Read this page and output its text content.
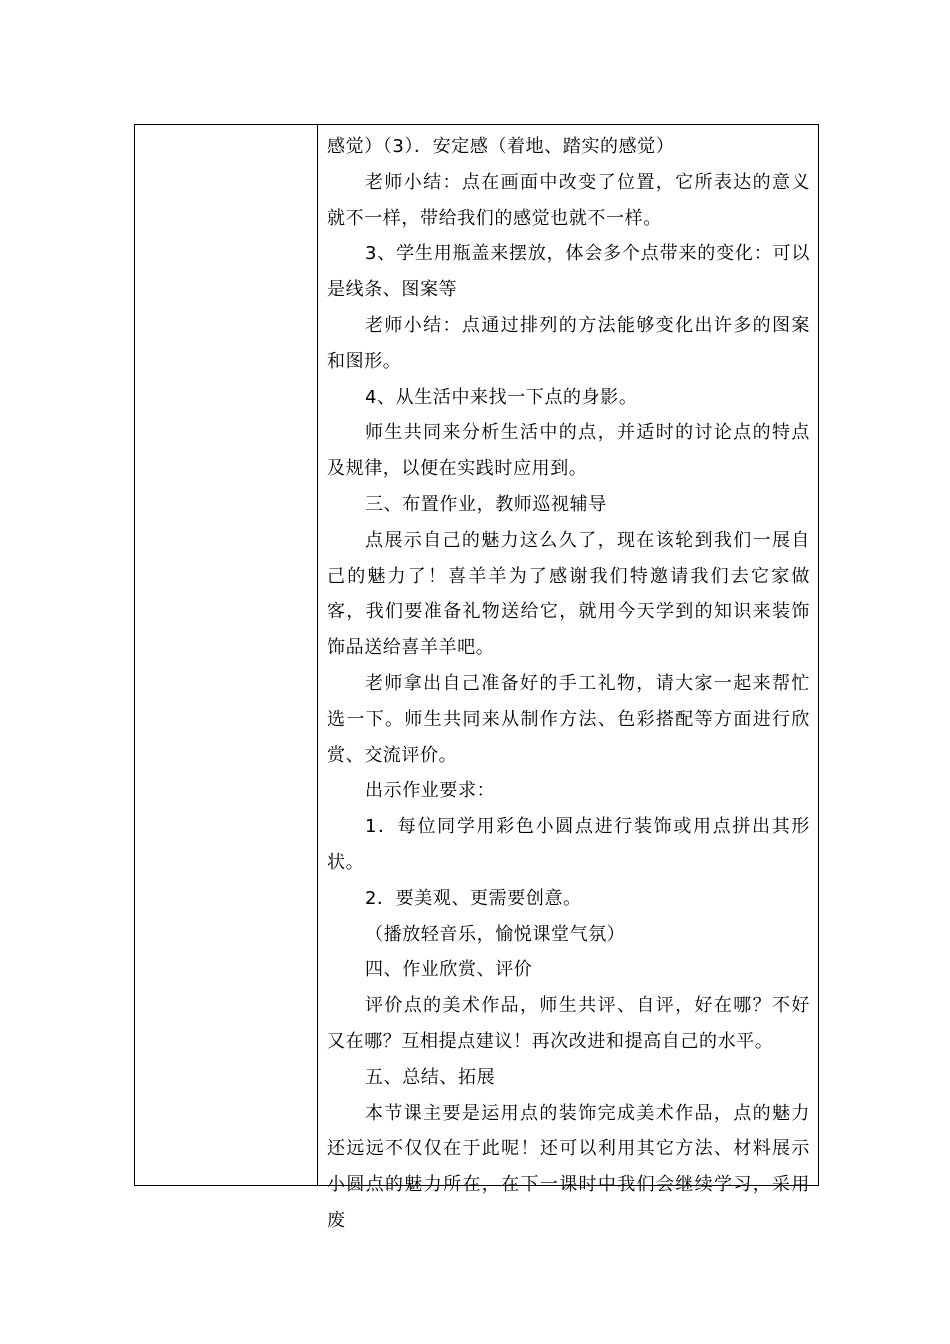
感觉）（3）．安定感（着地、踏实的感觉）

老师小结：点在画面中改变了位置，它所表达的意义就不一样，带给我们的感觉也就不一样。

3、学生用瓶盖来摆放，体会多个点带来的变化：可以是线条、图案等

老师小结：点通过排列的方法能够变化出许多的图案和图形。

4、从生活中来找一下点的身影。

师生共同来分析生活中的点，并适时的讨论点的特点及规律，以便在实践时应用到。

三、布置作业，教师巡视辅导

点展示自己的魅力这么久了，现在该轮到我们一展自己的魅力了！喜羊羊为了感谢我们特邀请我们去它家做客，我们要准备礼物送给它，就用今天学到的知识来装饰饰品送给喜羊羊吧。

老师拿出自己准备好的手工礼物，请大家一起来帮忙选一下。师生共同来从制作方法、色彩搭配等方面进行欣赏、交流评价。

出示作业要求：

1．每位同学用彩色小圆点进行装饰或用点拼出其形状。

2．要美观、更需要创意。

（播放轻音乐，愉悦课堂气氛）

四、作业欣赏、评价

评价点的美术作品，师生共评、自评，好在哪？不好又在哪？互相提点建议！再次改进和提高自己的水平。

五、总结、拓展

本节课主要是运用点的装饰完成美术作品，点的魅力还远远不仅仅在于此呢！还可以利用其它方法、材料展示小圆点的魅力所在，在下一课时中我们会继续学习，采用废
